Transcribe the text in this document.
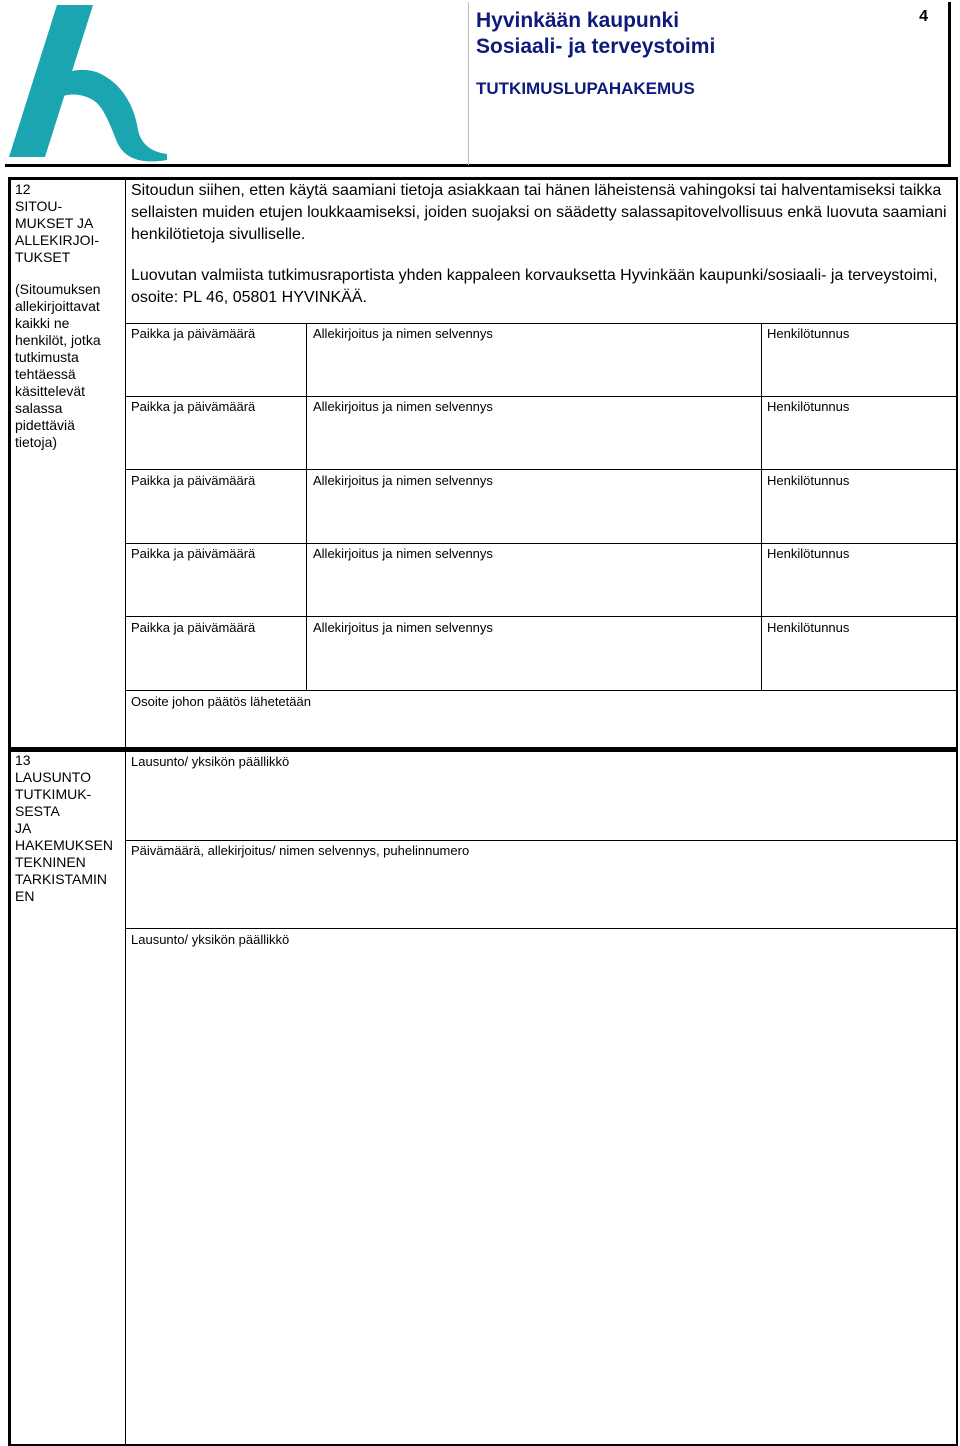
Hyvinkään kaupunki
Sosiaali- ja terveystoimi
TUTKIMUSLUPAHAKEMUS
4
12
SITOU-
MUKSET JA
ALLEKIRJOI-
TUKSET
(Sitoumuksen
allekirjoittavat
kaikki ne
henkilöt, jotka
tutkimusta
tehtäessä
käsittelevät
salassa
pidettäviä
tietoja)
Sitoudun siihen, etten käytä saamiani tietoja asiakkaan tai hänen läheistensä vahingoksi tai halventamiseksi taikka sellaisten muiden etujen loukkaamiseksi, joiden suojaksi on säädetty salassapitovelvollisuus enkä luovuta saamiani henkilötietoja sivulliselle.
Luovutan valmiista tutkimusraportista yhden kappaleen korvauksetta Hyvinkään kaupunki/sosiaali- ja terveystoimi, osoite: PL 46, 05801 HYVINKÄÄ.
Paikka ja päivämäärä	Allekirjoitus ja nimen selvennys	Henkilötunnus
Paikka ja päivämäärä	Allekirjoitus ja nimen selvennys	Henkilötunnus
Paikka ja päivämäärä	Allekirjoitus ja nimen selvennys	Henkilötunnus
Paikka ja päivämäärä	Allekirjoitus ja nimen selvennys	Henkilötunnus
Paikka ja päivämäärä	Allekirjoitus ja nimen selvennys	Henkilötunnus
Osoite johon päätös lähetetään
13
LAUSUNTO
TUTKIMUK-
SESTA
JA
HAKEMUKSEN
TEKNINEN
TARKISTAMIN
EN
Lausunto/ yksikön päällikkö
Päivämäärä, allekirjoitus/ nimen selvennys, puhelinnumero
Lausunto/ yksikön päällikkö
